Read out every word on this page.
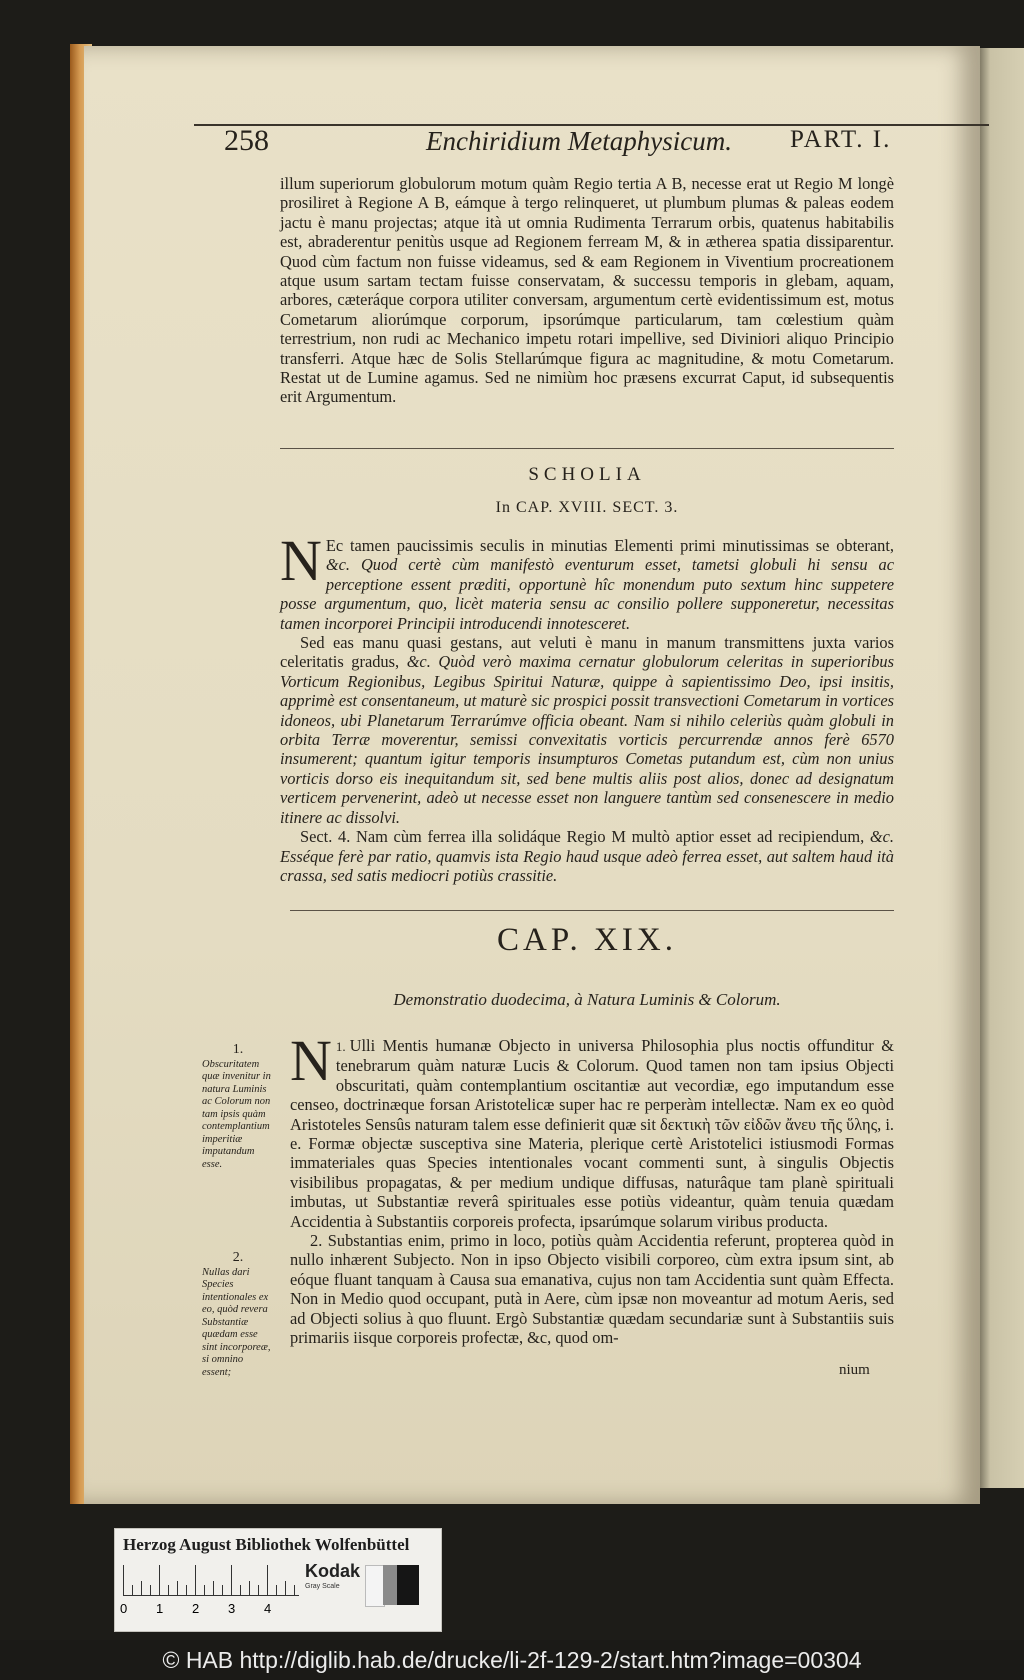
258	Enchiridium Metaphysicum. PART. I.

illum superiorum globulorum motum quàm Regio tertia A B, necesse erat ut Regio M longè prosiliret à Regione A B, eámque à tergo relinqueret, ut plumbum plumas & paleas eodem jactu è manu projectas; atque ità ut omnia Rudimenta Terrarum orbis, quatenus habitabilis est, abraderentur penitùs usque ad Regionem ferream M, & in ætherea spatia dissiparentur. Quod cùm factum non fuisse videamus, sed & eam Regionem in Viventium procreationem atque usum sartam tectam fuisse conservatam, & successu temporis in glebam, aquam, arbores, cæteráque corpora utiliter conversam, argumentum certè evidentissimum est, motus Cometarum aliorúmque corporum, ipsorúmque particularum, tam cœlestium quàm terrestrium, non rudi ac Mechanico impetu rotari impellive, sed Diviniori aliquo Principio transferri. Atque hæc de Solis Stellarúmque figura ac magnitudine, & motu Cometarum. Restat ut de Lumine agamus. Sed ne nimiùm hoc præsens excurrat Caput, id subsequentis erit Argumentum.

SCHOLIA

In CAP. XVIII. SECT. 3.

N Ec tamen paucissimis seculis in minutias Elementi primi minutissimas se obterant, &c. Quod certè cùm manifestò eventurum esset, tametsi globuli hi sensu ac perceptione essent præditi, opportunè hîc monendum puto sextum hinc suppetere posse argumentum, quo, licèt materia sensu ac consilio pollere supponeretur, necessitas tamen incorporei Principii introducendi innotesceret.

Sed eas manu quasi gestans, aut veluti è manu in manum transmittens juxta varios celeritatis gradus, &c. Quòd verò maxima cernatur globulorum celeritas in superioribus Vorticum Regionibus, Legibus Spiritui Naturæ, quippe à sapientissimo Deo, ipsi insitis, apprimè est consentaneum, ut maturè sic prospici possit transvectioni Cometarum in vortices idoneos, ubi Planetarum Terrarúmve officia obeant. Nam si nihilo celeriùs quàm globuli in orbita Terræ moverentur, semissi convexitatis vorticis percurrendæ annos ferè 6570 insumerent; quantum igitur temporis insumpturos Cometas putandum est, cùm non unius vorticis dorso eis inequitandum sit, sed bene multis aliis post alios, donec ad designatum verticem pervenerint, adeò ut necesse esset non languere tantùm sed consenescere in medio itinere ac dissolvi.

Sect. 4. Nam cùm ferrea illa solidáque Regio M multò aptior esset ad recipiendum, &c. Esséque ferè par ratio, quamvis ista Regio haud usque adeò ferrea esset, aut saltem haud ità crassa, sed satis mediocri potiùs crassitie.

CAP. XIX.

Demonstratio duodecima, à Natura Luminis & Colorum.

1.
N Ulli Mentis humanæ Objecto in universa Philosophia plus noctis offunditur & tenebrarum quàm naturæ Lucis & Colorum. Quod tamen non tam ipsius Objecti obscuritati, quàm contemplantium oscitantiæ aut vecordiæ, ego imputandum esse censeo, doctrinæque forsan Aristotelicæ super hac re perperàm intellectæ. Nam ex eo quòd Aristoteles Sensûs naturam talem esse definierit quæ sit δεκτικὴ τῶν εἰδῶν ἄνευ τῆς ὕλης, i. e. Formæ objectæ susceptiva sine Materia, plerique certè Aristotelici istiusmodi Formas immateriales quas Species intentionales vocant commenti sunt, à singulis Objectis visibilibus propagatas, & per medium undique diffusas, naturâque tam planè spirituali imbutas, ut Substantiæ reverâ spirituales esse potiùs videantur, quàm tenuia quædam Accidentia à Substantiis corporeis profecta, ipsarúmque solarum viribus producta.

2. Substantias enim, primo in loco, potiùs quàm Accidentia referunt, propterea quòd in nullo inhærent Subjecto. Non in ipso Objecto visibili corporeo, cùm extra ipsum sint, ab eóque fluant tanquam à Causa sua emanativa, cujus non tam Accidentia sunt quàm Effecta. Non in Medio quod occupant, putà in Aere, cùm ipsæ non moveantur ad motum Aeris, sed ad Objecti solius à quo fluunt. Ergò Substantiæ quædam secundariæ sunt à Substantiis suis primariis iisque corporeis profectæ, &c, quod om-

nium
1.
Obscuritatem quæ invenitur in natura Luminis ac Colorum non tam ipsis quàm contemplantium imperitiæ imputandum esse.
2.
Nullas dari Species intentionales ex eo, quòd revera Substantiæ quædam esse sint incorporeæ, si omnino essent;
Herzog August Bibliothek Wolfenbüttel
0 1 2 3 4
Kodak
Gray Scale
© HAB http://diglib.hab.de/drucke/li-2f-129-2/start.htm?image=00304
